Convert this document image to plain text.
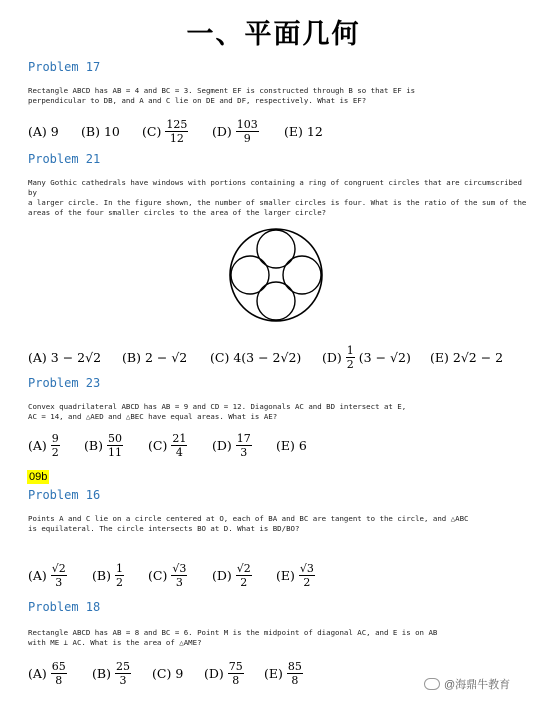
一、平面几何
Problem 17
Rectangle ABCD has AB = 4 and BC = 3. Segment EF is constructed through B so that EF is
perpendicular to DB, and A and C lie on DE and DF, respectively. What is EF?
(A) 9 (B) 10 $(C) \frac{125}{12} (D) \frac{103}{9} (E)$ 12
Problem 21
Many Gothic cathedrals have windows with portions containing a ring of congruent circles that are circumscribed by
a larger circle. In the figure shown, the number of smaller circles is four. What is the ratio of the sum of the
areas of the four smaller circles to the area of the larger circle?
(A) 3 − 2√2 (B) 2 − √2 (C) 4(3 − 2√2) $(D) \frac{1}{2} (3 - √2)$ (E) 2√2 − 2
Problem 23
Convex quadrilateral ABCD has AB = 9 and CD = 12. Diagonals AC and BD intersect at E,
AC = 14, and △AED and △BEC have equal areas. What is AE?
$(A) \frac{9}{2} (B) \frac{50}{11} (C) \frac{21}{4} (D) \frac{17}{3} (E)$ 6
09b
Problem 16
Points A and C lie on a circle centered at O, each of BA and BC are tangent to the circle, and △ABC
is equilateral. The circle intersects BO at D. What is BD/BO?
$(A) \frac{√2}{3} (B) \frac{1}{2} (C) \frac{√3}{3} (D) \frac{√2}{2} (E) \frac{√3}{2}$
Problem 18
Rectangle ABCD has AB = 8 and BC = 6. Point M is the midpoint of diagonal AC, and E is on AB
with ME ⊥ AC. What is the area of △AME?
$(A) \frac{65}{8} (B) \frac{25}{3} (C)$ 9 $(D) \frac{75}{8} (E) \frac{85}{8}$	@海鼎牛教育
